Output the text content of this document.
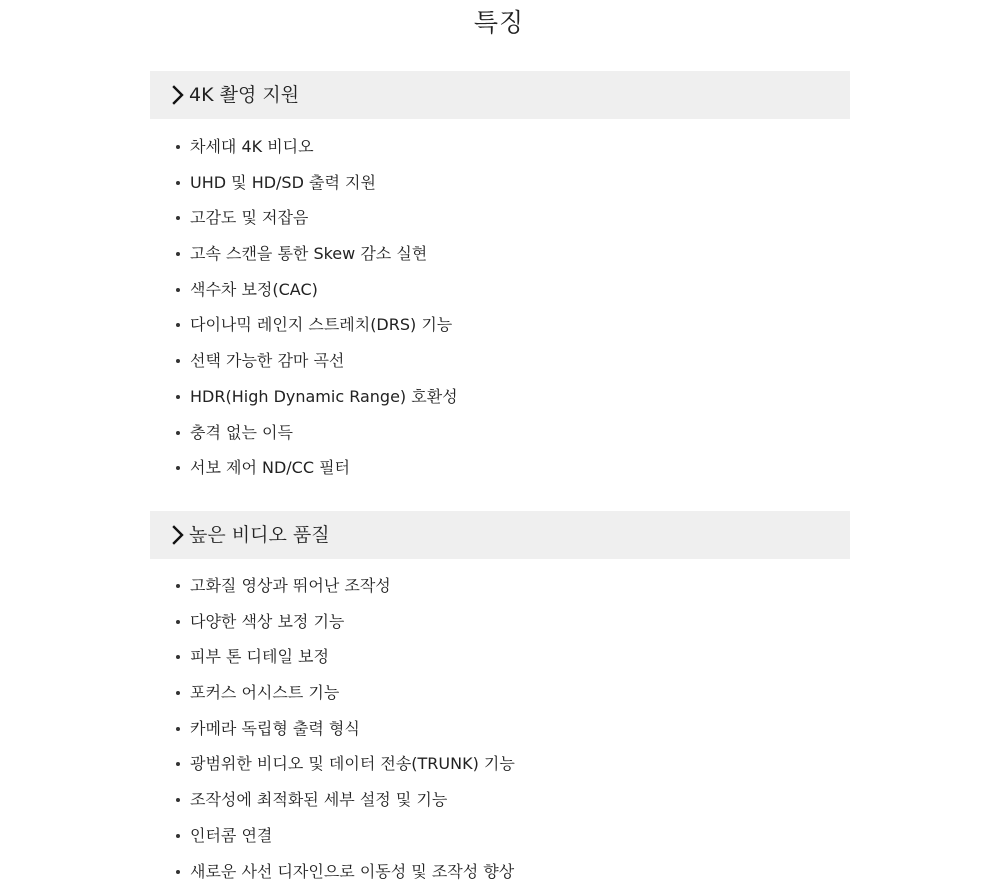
특징
4K 촬영 지원
차세대 4K 비디오
UHD 및 HD/SD 출력 지원
고감도 및 저잡음
고속 스캔을 통한 Skew 감소 실현
색수차 보정(CAC)
다이나믹 레인지 스트레치(DRS) 기능
선택 가능한 감마 곡선
HDR(High Dynamic Range) 호환성
충격 없는 이득
서보 제어 ND/CC 필터
높은 비디오 품질
고화질 영상과 뛰어난 조작성
다양한 색상 보정 기능
피부 톤 디테일 보정
포커스 어시스트 기능
카메라 독립형 출력 형식
광범위한 비디오 및 데이터 전송(TRUNK) 기능
조작성에 최적화된 세부 설정 및 기능
인터콤 연결
새로운 사선 디자인으로 이동성 및 조작성 향상
